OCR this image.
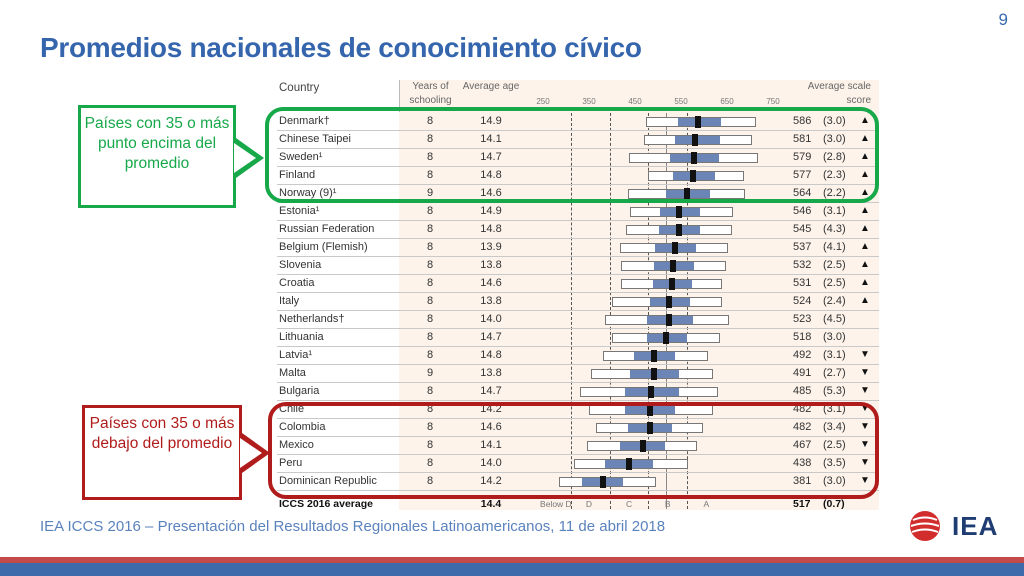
9
Promedios nacionales de conocimiento cívico
Country	Years of schooling
Average age	Average scale score
250	350	450	550	650	750
Denmark†	8	14.9	586 (3.0) ▲
Chinese Taipei	8	14.1	581 (3.0) ▲
Sweden¹	8	14.7	579 (2.8) ▲
Finland	8	14.8	577 (2.3) ▲
Norway (9)¹	9	14.6	564 (2.2) ▲
Estonia¹	8	14.9	546 (3.1) ▲
Russian Federation	8	14.8	545 (4.3) ▲
Belgium (Flemish)	8	13.9	537 (4.1) ▲
Slovenia	8	13.8	532 (2.5) ▲
Croatia	8	14.6	531 (2.5) ▲
Italy	8	13.8	524 (2.4) ▲
Netherlands†	8	14.0	523 (4.5)
Lithuania	8	14.7	518 (3.0)
Latvia¹	8	14.8	492 (3.1) ▼
Malta	9	13.8	491 (2.7) ▼
Bulgaria	8	14.7	485 (5.3) ▼
Chile	8	14.2	482 (3.1) ▼
Colombia	8	14.6	482 (3.4) ▼
Mexico	8	14.1	467 (2.5) ▼
Peru	8	14.0	438 (3.5) ▼
Dominican Republic	8	14.2	381 (3.0) ▼
ICCS 2016 average	14.4	Below D D	C	B	A	517 (0.7)
Países con 35 o más punto encima del promedio
Países con 35 o más debajo del promedio
IEA ICCS 2016 – Presentación del Resultados Regionales Latinoamericanos, 11 de abril 2018	IEA
